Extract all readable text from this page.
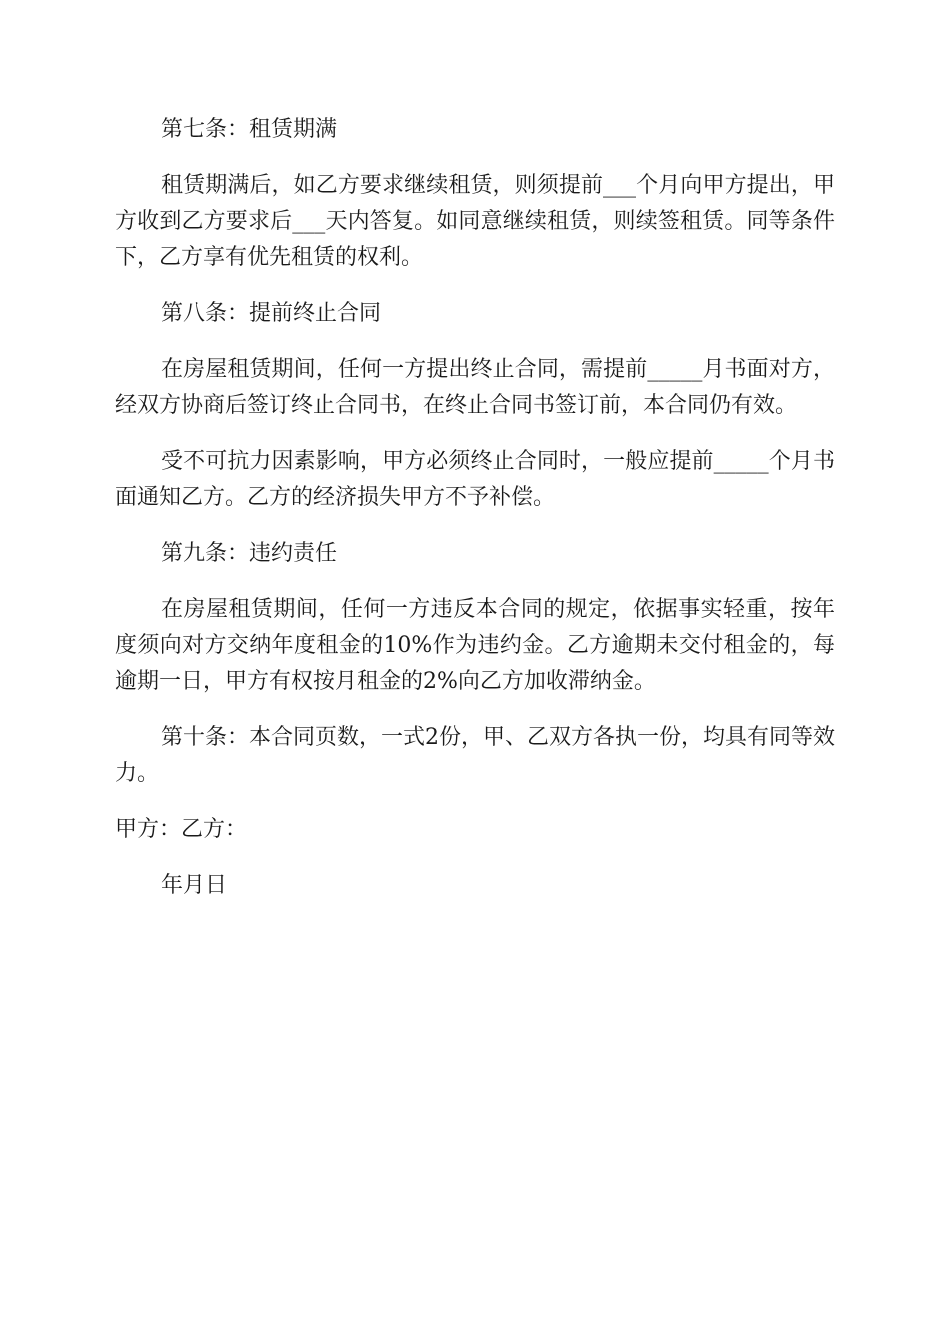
第七条：租赁期满

租赁期满后，如乙方要求继续租赁，则须提前___个月向甲方提出，甲方收到乙方要求后___天内答复。如同意继续租赁，则续签租赁。同等条件下，乙方享有优先租赁的权利。

第八条：提前终止合同

在房屋租赁期间，任何一方提出终止合同，需提前_____月书面对方，经双方协商后签订终止合同书，在终止合同书签订前，本合同仍有效。

受不可抗力因素影响，甲方必须终止合同时，一般应提前_____个月书面通知乙方。乙方的经济损失甲方不予补偿。

第九条：违约责任

在房屋租赁期间，任何一方违反本合同的规定，依据事实轻重，按年度须向对方交纳年度租金的10%作为违约金。乙方逾期未交付租金的，每逾期一日，甲方有权按月租金的2%向乙方加收滞纳金。

第十条：本合同页数，一式2份，甲、乙双方各执一份，均具有同等效力。

甲方：乙方：

年月日
